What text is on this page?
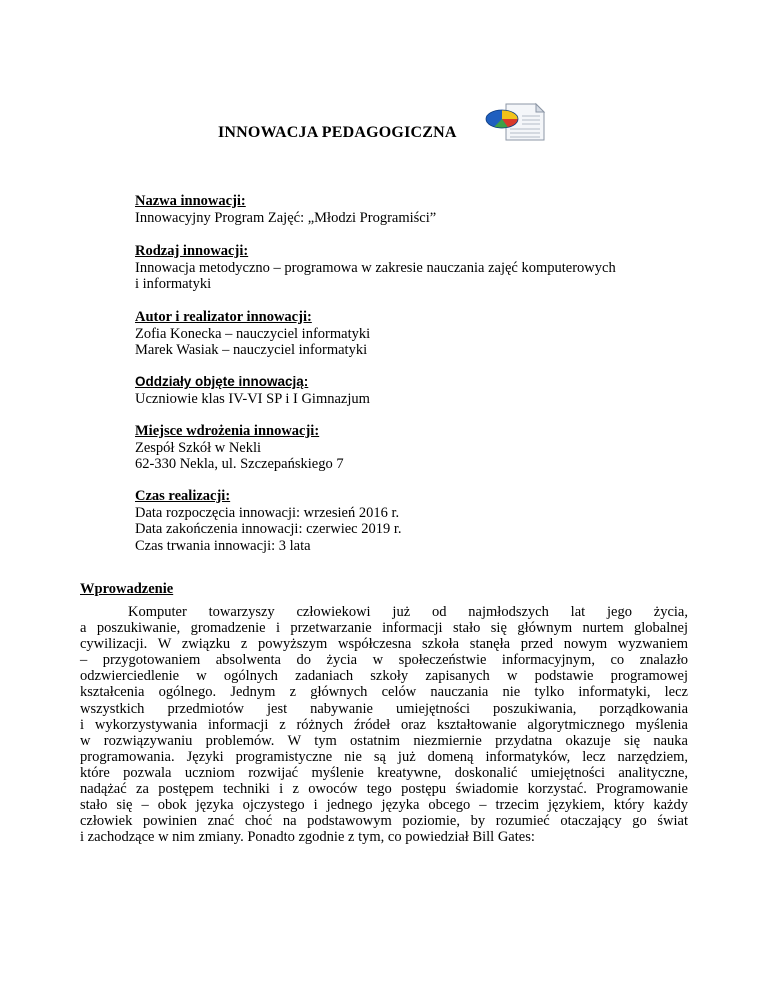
INNOWACJA PEDAGOGICZNA
Nazwa innowacji:
Innowacyjny Program Zajęć: „Młodzi Programiści”
Rodzaj innowacji:
Innowacja metodyczno – programowa w zakresie nauczania zajęć komputerowych
i informatyki
Autor i realizator innowacji:
Zofia Konecka – nauczyciel informatyki
Marek Wasiak – nauczyciel informatyki
Oddziały objęte innowacją:
Uczniowie klas IV-VI SP i I Gimnazjum
Miejsce wdrożenia innowacji:
Zespół Szkół w Nekli
62-330 Nekla, ul. Szczepańskiego 7
Czas realizacji:
Data rozpoczęcia innowacji: wrzesień 2016 r.
Data zakończenia innowacji: czerwiec 2019 r.
Czas trwania innowacji: 3 lata
Wprowadzenie
Komputer towarzyszy człowiekowi już od najmłodszych lat jego życia,
a poszukiwanie, gromadzenie i przetwarzanie informacji stało się głównym nurtem globalnej
cywilizacji. W związku z powyższym współczesna szkoła stanęła przed nowym wyzwaniem
– przygotowaniem absolwenta do życia w społeczeństwie informacyjnym, co znalazło
odzwierciedlenie w ogólnych zadaniach szkoły zapisanych w podstawie programowej
kształcenia ogólnego. Jednym z głównych celów nauczania nie tylko informatyki, lecz
wszystkich przedmiotów jest nabywanie umiejętności poszukiwania, porządkowania
i wykorzystywania informacji z różnych źródeł oraz kształtowanie algorytmicznego myślenia
w rozwiązywaniu problemów. W tym ostatnim niezmiernie przydatna okazuje się nauka
programowania. Języki programistyczne nie są już domeną informatyków, lecz narzędziem,
które pozwala uczniom rozwijać myślenie kreatywne, doskonalić umiejętności analityczne,
nadążać za postępem techniki i z owoców tego postępu świadomie korzystać. Programowanie
stało się – obok języka ojczystego i jednego języka obcego – trzecim językiem, który każdy
człowiek powinien znać choć na podstawowym poziomie, by rozumieć otaczający go świat
i zachodzące w nim zmiany. Ponadto zgodnie z tym, co powiedział Bill Gates:
